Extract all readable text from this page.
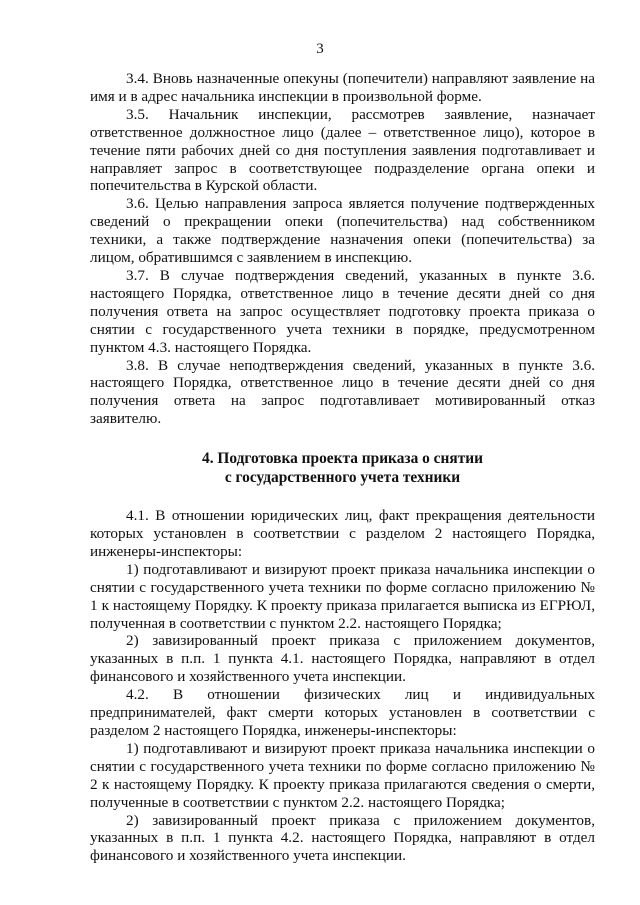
3

3.4. Вновь назначенные опекуны (попечители) направляют заявление на имя и в адрес начальника инспекции в произвольной форме.

3.5. Начальник инспекции, рассмотрев заявление, назначает ответственное должностное лицо (далее – ответственное лицо), которое в течение пяти рабочих дней со дня поступления заявления подготавливает и направляет запрос в соответствующее подразделение органа опеки и попечительства в Курской области.

3.6. Целью направления запроса является получение подтвержденных сведений о прекращении опеки (попечительства) над собственником техники, а также подтверждение назначения опеки (попечительства) за лицом, обратившимся с заявлением в инспекцию.

3.7. В случае подтверждения сведений, указанных в пункте 3.6. настоящего Порядка, ответственное лицо в течение десяти дней со дня получения ответа на запрос осуществляет подготовку проекта приказа о снятии с государственного учета техники в порядке, предусмотренном пунктом 4.3. настоящего Порядка.

3.8. В случае неподтверждения сведений, указанных в пункте 3.6. настоящего Порядка, ответственное лицо в течение десяти дней со дня получения ответа на запрос подготавливает мотивированный отказ заявителю.

4. Подготовка проекта приказа о снятии
с государственного учета техники

4.1. В отношении юридических лиц, факт прекращения деятельности которых установлен в соответствии с разделом 2 настоящего Порядка, инженеры-инспекторы:

1) подготавливают и визируют проект приказа начальника инспекции о снятии с государственного учета техники по форме согласно приложению № 1 к настоящему Порядку. К проекту приказа прилагается выписка из ЕГРЮЛ, полученная в соответствии с пунктом 2.2. настоящего Порядка;

2) завизированный проект приказа с приложением документов, указанных в п.п. 1 пункта 4.1. настоящего Порядка, направляют в отдел финансового и хозяйственного учета инспекции.

4.2. В отношении физических лиц и индивидуальных предпринимателей, факт смерти которых установлен в соответствии с разделом 2 настоящего Порядка, инженеры-инспекторы:

1) подготавливают и визируют проект приказа начальника инспекции о снятии с государственного учета техники по форме согласно приложению № 2 к настоящему Порядку. К проекту приказа прилагаются сведения о смерти, полученные в соответствии с пунктом 2.2. настоящего Порядка;

2) завизированный проект приказа с приложением документов, указанных в п.п. 1 пункта 4.2. настоящего Порядка, направляют в отдел финансового и хозяйственного учета инспекции.
